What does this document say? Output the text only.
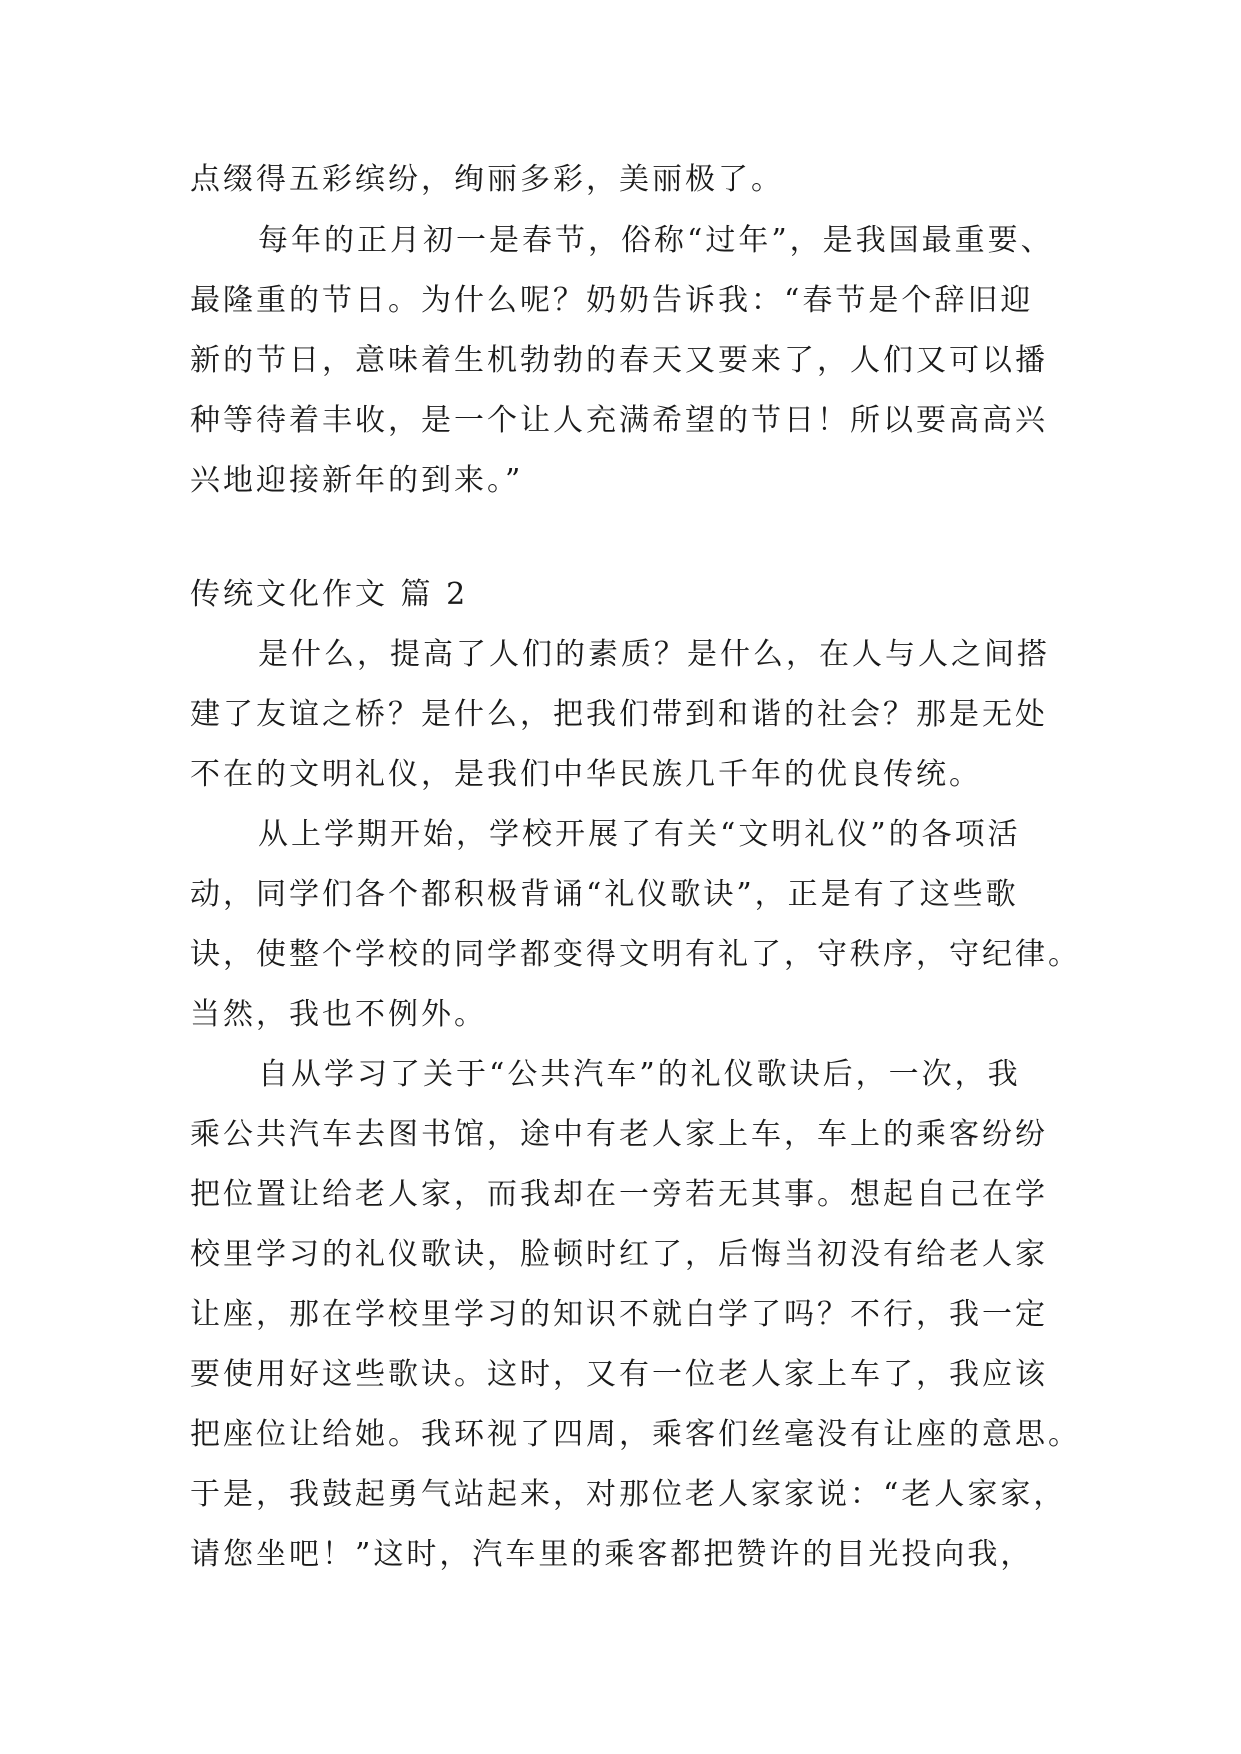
点缀得五彩缤纷，绚丽多彩，美丽极了。
每年的正月初一是春节，俗称“过年”，是我国最重要、
最隆重的节日。为什么呢？奶奶告诉我：“春节是个辞旧迎
新的节日，意味着生机勃勃的春天又要来了，人们又可以播
种等待着丰收，是一个让人充满希望的节日！所以要高高兴
兴地迎接新年的到来。”
传统文化作文 篇 2
是什么，提高了人们的素质？是什么，在人与人之间搭
建了友谊之桥？是什么，把我们带到和谐的社会？那是无处
不在的文明礼仪，是我们中华民族几千年的优良传统。
从上学期开始，学校开展了有关“文明礼仪”的各项活
动，同学们各个都积极背诵“礼仪歌诀”，正是有了这些歌
诀，使整个学校的同学都变得文明有礼了，守秩序，守纪律。
当然，我也不例外。
自从学习了关于“公共汽车”的礼仪歌诀后，一次，我
乘公共汽车去图书馆，途中有老人家上车，车上的乘客纷纷
把位置让给老人家，而我却在一旁若无其事。想起自己在学
校里学习的礼仪歌诀，脸顿时红了，后悔当初没有给老人家
让座，那在学校里学习的知识不就白学了吗？不行，我一定
要使用好这些歌诀。这时，又有一位老人家上车了，我应该
把座位让给她。我环视了四周，乘客们丝毫没有让座的意思。
于是，我鼓起勇气站起来，对那位老人家家说：“老人家家，
请您坐吧！”这时，汽车里的乘客都把赞许的目光投向我，
